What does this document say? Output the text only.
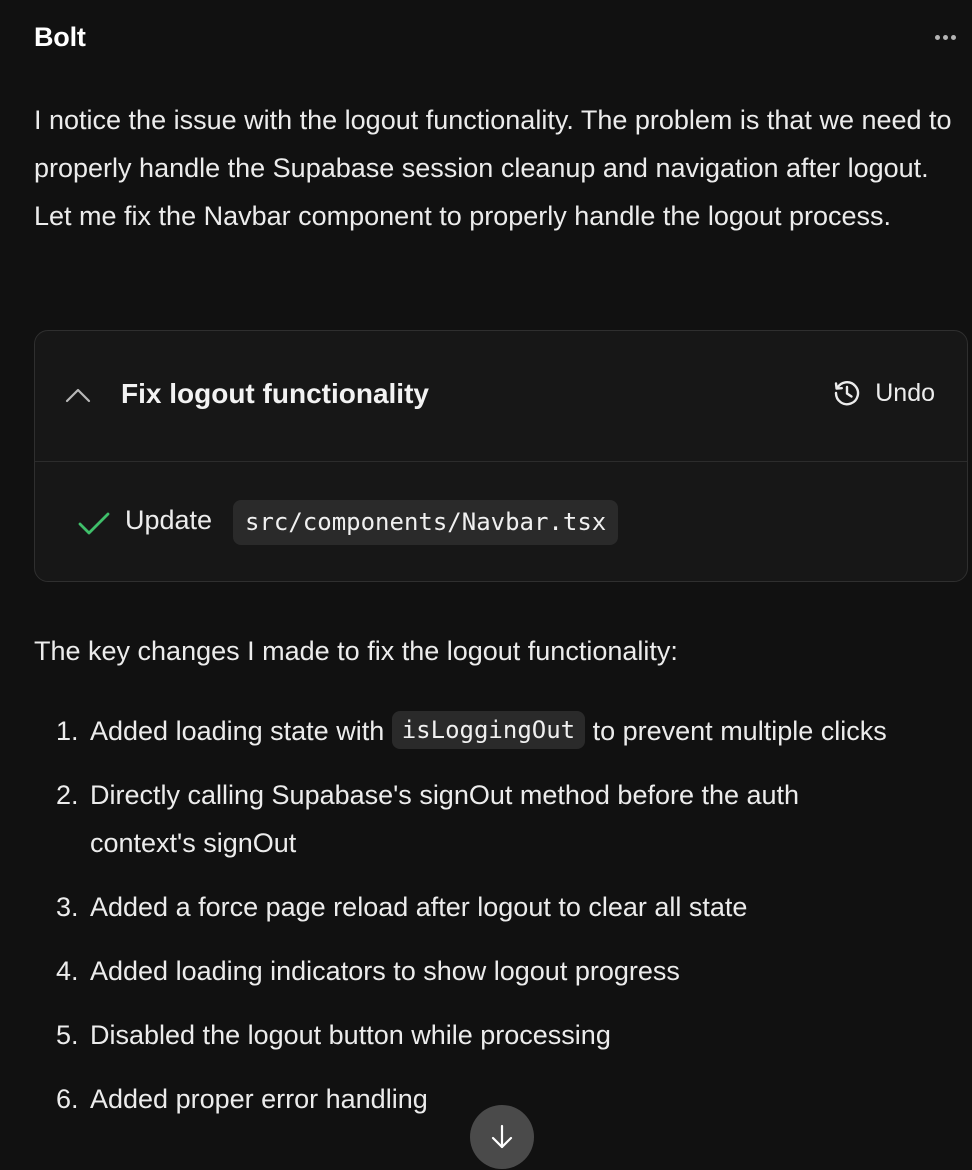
Bolt

I notice the issue with the logout functionality. The problem is that we need to properly handle the Supabase session cleanup and navigation after logout. Let me fix the Navbar component to properly handle the logout process.

Fix logout functionality	Undo
Update	src/components/Navbar.tsx

The key changes I made to fix the logout functionality:

1. Added loading state with isLoggingOut to prevent multiple clicks
2. Directly calling Supabase's signOut method before the auth context's signOut
3. Added a force page reload after logout to clear all state
4. Added loading indicators to show logout progress
5. Disabled the logout button while processing
6. Added proper error handling
